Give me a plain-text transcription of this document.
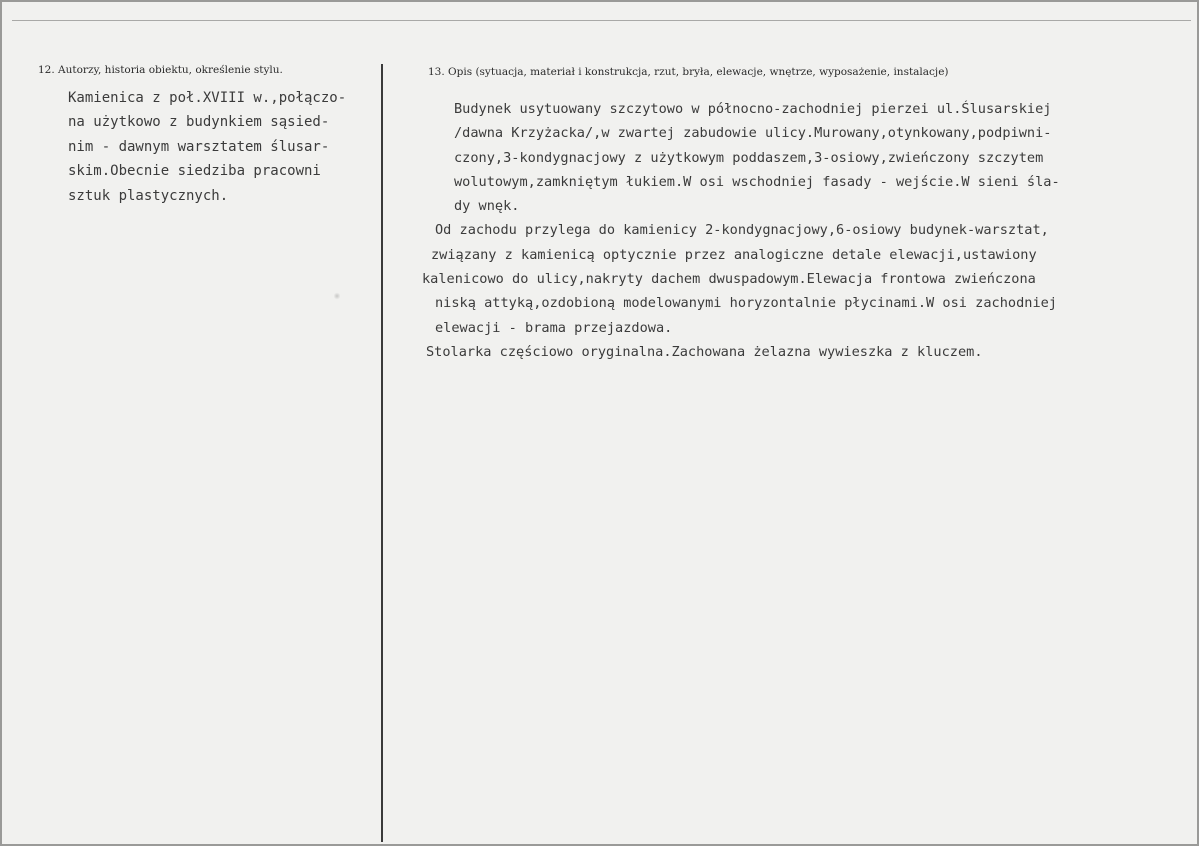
12. Autorzy, historia obiektu, określenie stylu.	13. Opis (sytuacja, materiał i konstrukcja, rzut, bryła, elewacje, wnętrze, wyposażenie, instalacje)
Kamienica z poł.XVIII w.,połączo-
na użytkowo z budynkiem sąsied-
nim - dawnym warsztatem ślusar-
skim.Obecnie siedziba pracowni
sztuk plastycznych.
Budynek usytuowany szczytowo w północno-zachodniej pierzei ul.Ślusarskiej
/dawna Krzyżacka/,w zwartej zabudowie ulicy.Murowany,otynkowany,podpiwni-
czony,3-kondygnacjowy z użytkowym poddaszem,3-osiowy,zwieńczony szczytem
wolutowym,zamkniętym łukiem.W osi wschodniej fasady - wejście.W sieni śla-
dy wnęk.
Od zachodu przylega do kamienicy 2-kondygnacjowy,6-osiowy budynek-warsztat,
związany z kamienicą optycznie przez analogiczne detale elewacji,ustawiony
kalenicowo do ulicy,nakryty dachem dwuspadowym.Elewacja frontowa zwieńczona
niską attyką,ozdobioną modelowanymi horyzontalnie płycinami.W osi zachodniej
elewacji - brama przejazdowa.
Stolarka częściowo oryginalna.Zachowana żelazna wywieszka z kluczem.
